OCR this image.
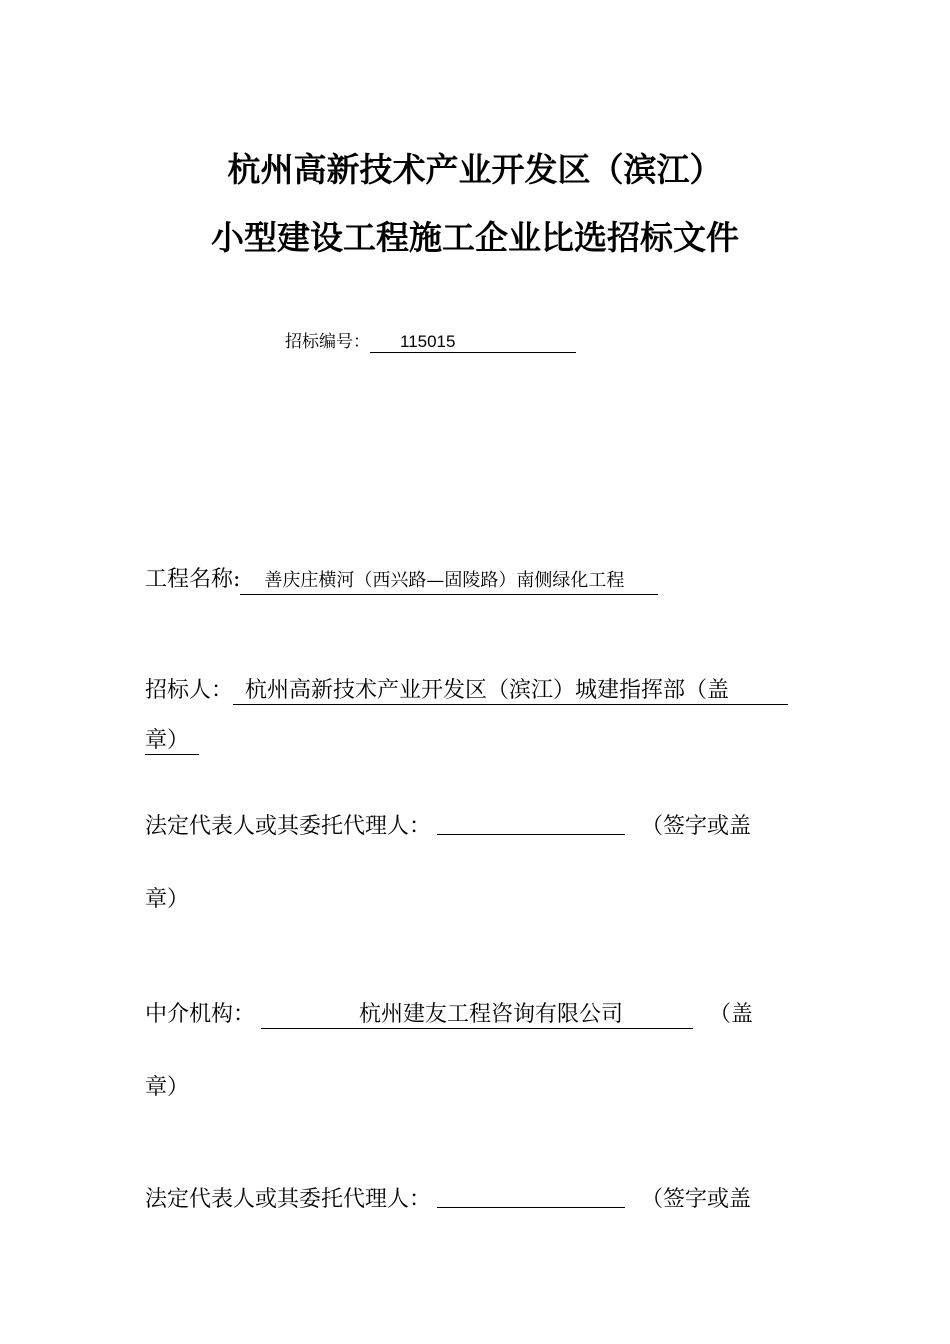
杭州高新技术产业开发区（滨江）
小型建设工程施工企业比选招标文件
招标编号： 115015
工程名称: 善庆庄横河（西兴路—固陵路）南侧绿化工程
招标人： 杭州高新技术产业开发区（滨江）城建指挥部（盖
章）
法定代表人或其委托代理人：	（签字或盖
章）
中介机构：	杭州建友工程咨询有限公司	（盖
章）
法定代表人或其委托代理人：	（签字或盖
